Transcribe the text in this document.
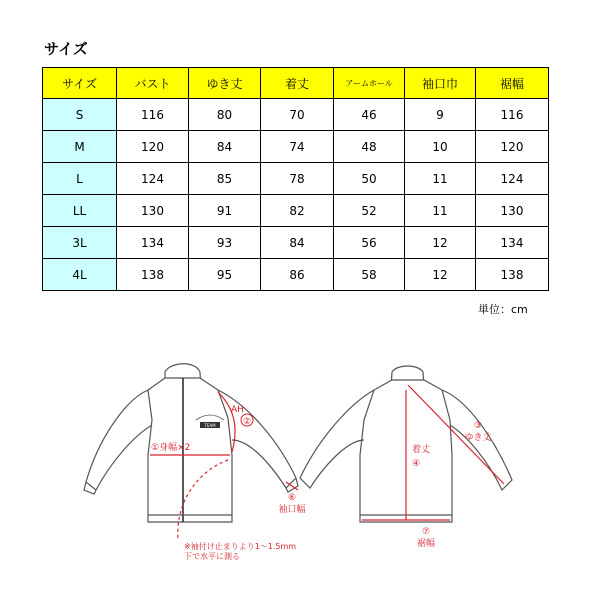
サイズ
サイズ	バスト	ゆき丈	着丈	アームホール	袖口巾	裾幅
S	116	80	70	46	9	116
M	120	84	74	48	10	120
L	124	85	78	50	11	124
LL	130	91	82	52	11	130
3L	134	93	84	56	12	134
4L	138	95	86	58	12	138
単位：cm
TEAM
①身幅×2
AH
②	③
ゆき丈
着丈
④
⑥
袖口幅
⑦
裾幅
※袖付け止まりより1～1.5mm
下で水平に測る
